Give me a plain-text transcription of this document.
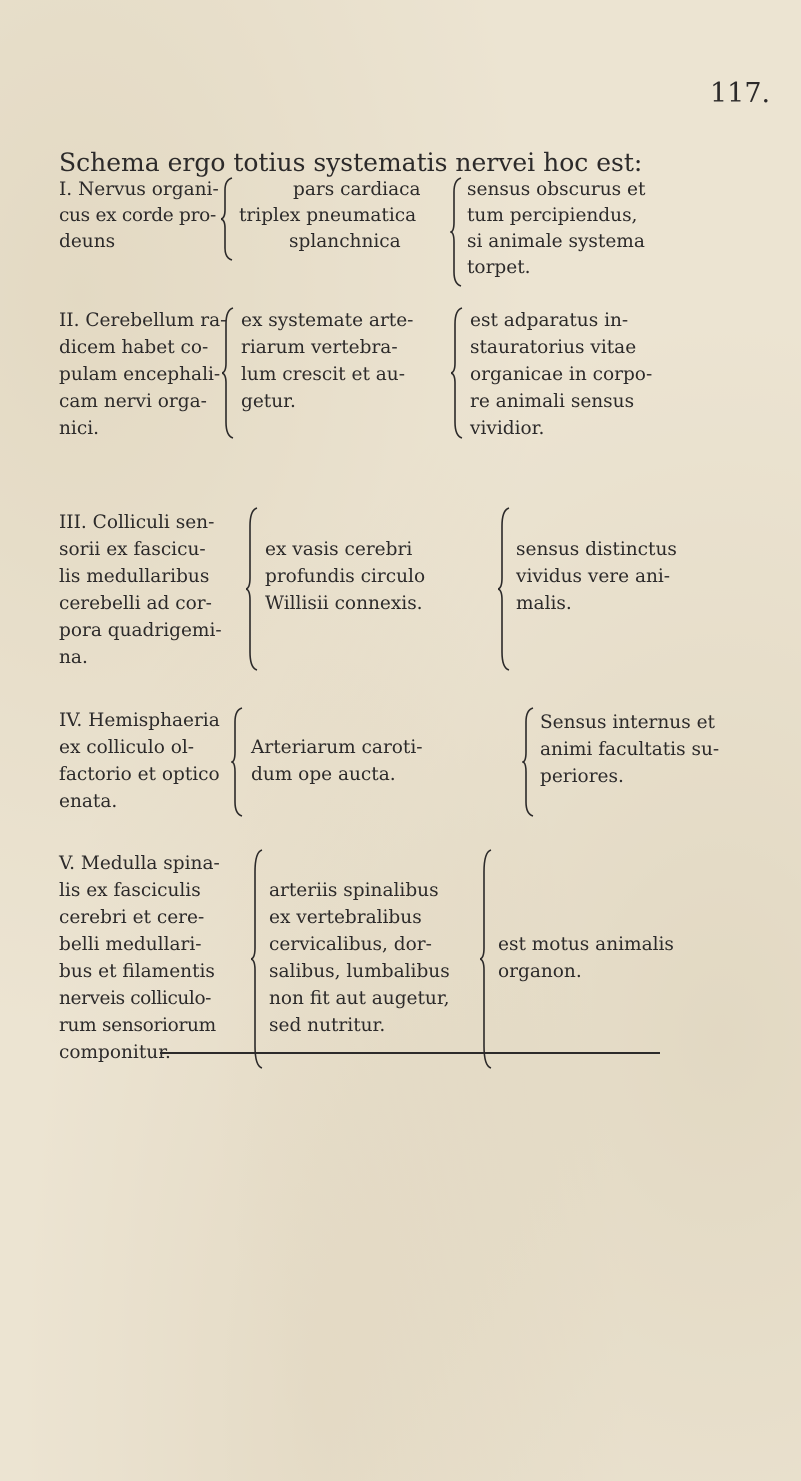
117.
Schema ergo totius systematis nervei hoc est:
I. Nervus organi-
cus ex corde pro-
deuns
pars cardiaca
triplex pneumatica
splanchnica
sensus obscurus et
tum percipiendus,
si animale systema
torpet.
II. Cerebellum ra-
dicem habet co-
pulam encephali-
cam nervi orga-
nici.
ex systemate arte-
riarum vertebra-
lum crescit et au-
getur.
est adparatus in-
stauratorius vitae
organicae in corpo-
re animali sensus
vividior.
III. Colliculi sen-
sorii ex fascicu-
lis medullaribus
cerebelli ad cor-
pora quadrigemi-
na.
ex vasis cerebri
profundis circulo
Willisii connexis.
sensus distinctus
vividus vere ani-
malis.
IV. Hemisphaeria
ex colliculo ol-
factorio et optico
enata.
Arteriarum caroti-
dum ope aucta.
Sensus internus et
animi facultatis su-
periores.
V. Medulla spina-
lis ex fasciculis
cerebri et cere-
belli medullari-
bus et filamentis
nerveis colliculo-
rum sensoriorum
componitur.
arteriis spinalibus
ex vertebralibus
cervicalibus, dor-
salibus, lumbalibus
non fit aut augetur,
sed nutritur.
est motus animalis
organon.
